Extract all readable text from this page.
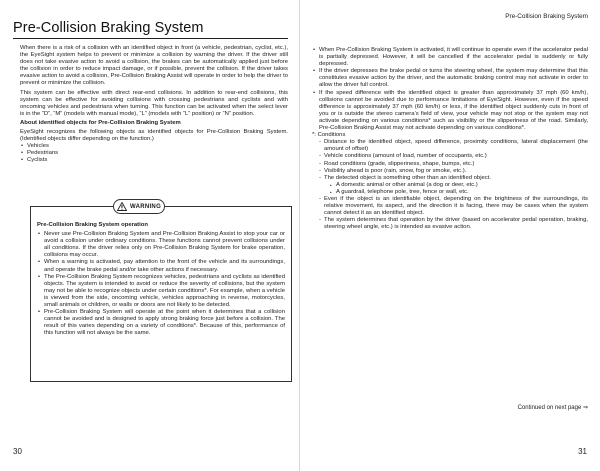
Pre-Collision Braking System

When there is a risk of a collision with an identified object in front (a vehicle, pedestrian, cyclist, etc.), the EyeSight system helps to prevent or minimize a collision by warning the driver. If the driver still does not take evasive action to avoid a collision, the brakes can be automatically applied just before the collision in order to reduce impact damage, or if possible, prevent the collision. If the driver takes evasive action to avoid a collision, Pre-Collision Braking Assist will operate in order to help the driver to prevent or minimize the collision.

This system can be effective with direct rear-end collisions. In addition to rear-end collisions, this system can be effective for avoiding collisions with crossing pedestrians and cyclists and with oncoming vehicles and pedestrians when turning. This function can be activated when the select lever is in the “D”, “M” (models with manual mode), “L” (models with “L” position) or “N” position.

About identified objects for Pre-Collision Braking System

EyeSight recognizes the following objects as identified objects for Pre-Collision Braking System. (Identified objects differ depending on the function.)

• Vehicles
• Pedestrians
• Cyclists
WARNING

Pre-Collision Braking System operation

• Never use Pre-Collision Braking System and Pre-Collision Braking Assist to stop your car or avoid a collision under ordinary conditions. These functions cannot prevent collisions under all conditions. If the driver relies only on Pre-Collision Braking System for brake operation, collisions may occur.
• When a warning is activated, pay attention to the front of the vehicle and its surroundings, and operate the brake pedal and/or take other actions if necessary.
• The Pre-Collision Braking System recognizes vehicles, pedestrians and cyclists as identified objects. The system is intended to avoid or reduce the severity of collisions, but the system may not be able to recognize objects under certain conditions*. For example, when a vehicle is viewed from the side, oncoming vehicle, vehicles approaching in reverse, motorcycles, small animals or children, or walls or doors are not likely to be detected.
• Pre-Collision Braking System will operate at the point when it determines that a collision cannot be avoided and is designed to apply strong braking force just before a collision. The result of this varies depending on a variety of conditions*. Because of this, performance of this function will not always be the same.
30
Pre-Collision Braking System
• When Pre-Collision Braking System is activated, it will continue to operate even if the accelerator pedal is partially depressed. However, it will be cancelled if the accelerator pedal is suddenly or fully depressed.
• If the driver depresses the brake pedal or turns the steering wheel, the system may determine that this constitutes evasive action by the driver, and the automatic braking control may not activate in order to allow the driver full control.
• If the speed difference with the identified object is greater than approximately 37 mph (60 km/h), collisions cannot be avoided due to performance limitations of EyeSight. However, even if the speed difference is approximately 37 mph (60 km/h) or less, if the identified object suddenly cuts in front of you or is outside the stereo camera’s field of view, your vehicle may not stop or the system may not activate depending on various conditions* such as visibility or the slipperiness of the road. Similarly, Pre-Collision Braking Assist may not activate depending on various conditions*.

*: Conditions

- Distance to the identified object, speed difference, proximity conditions, lateral displacement (the amount of offset)
- Vehicle conditions (amount of load, number of occupants, etc.)
- Road conditions (grade, slipperiness, shape, bumps, etc.)
- Visibility ahead is poor (rain, snow, fog or smoke, etc.).
- The detected object is something other than an identified object.
• A domestic animal or other animal (a dog or deer, etc.)
• A guardrail, telephone pole, tree, fence or wall, etc.
- Even if the object is an identifiable object, depending on the brightness of the surroundings, its relative movement, its aspect, and the direction it is facing, there may be cases when the system cannot detect it as an identified object.
- The system determines that operation by the driver (based on accelerator pedal operation, braking, steering wheel angle, etc.) is intended as evasive action.
Continued on next page ⇒
31
